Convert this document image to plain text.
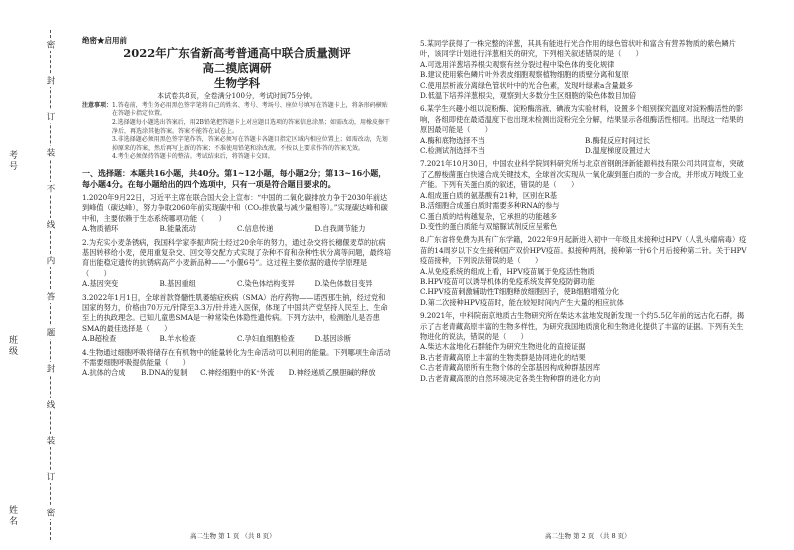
考号
班级
姓名
密
封
订
装
不
线
内
答
题
封
线
装
订
密

绝密★启用前

2022年广东省新高考普通高中联合质量测评

高二摸底调研

生物学科

本试卷共8页，全卷满分100分，考试时间75分钟。

注意事项：1.答卷前，考生务必用黑色签字笔将自己的姓名、考号、考场号、座位号填写在答题卡上，将条形码横贴在答题卡指定位置。

2.选择题每小题选出答案后，用2B铅笔把答题卡上对应题目选项的答案信息涂黑；如需改动，用橡皮擦干净后，再选涂其他答案。答案不能答在试卷上。

3.非选择题必须用黑色签字笔作答，答案必须写在答题卡各题目指定区域内相应位置上；如需改动，先划掉原来的答案，然后再写上新的答案；不准使用铅笔和涂改液。不按以上要求作答的答案无效。

4.考生必须保持答题卡的整洁。考试结束后，将答题卡交回。

一、选择题：本题共16小题，共40分。第1~12小题，每小题2分；第13~16小题，每小题4分。在每小题给出的四个选项中，只有一项是符合题目要求的。

1.2020年9月22日，习近平主席在联合国大会上宣布：“中国的二氧化碳排放力争于2030年前达到峰值（碳达峰），努力争取2060年前实现碳中和（CO₂排放量与减少量相等）。”实现碳达峰和碳中和，主要依赖于生态系统哪项功能（　　）

A.物质循环	B.能量流动	C.信息传递	D.自我调节能力

2.为充实小麦条锈病，我国科学家李振声院士经过20余年的努力，通过杂交将长穗偃麦草的抗病基因转移给小麦，使用重复杂交、回交等交配方式实现了杂种不育和杂种性状分离等问题，最终培育出能稳定遗传的抗锈病高产小麦新品种——“小偃6号”。这过程主要依据的遗传学原理是（　　）

A.基因突变	B.基因重组	C.染色体结构变异	D.染色体数目变异

3.2022年1月1日，全球首款脊髓性肌萎缩症疾病（SMA）治疗药物——诺西那生钠，经过党和国家的努力，价格由70万元/针降至3.3万/针并进入医保，体现了中国共产党坚持人民至上、生命至上的执政理念。已知儿童患SMA是一种常染色体隐性遗传病。下列方法中，检测胎儿是否患SMA的最佳选择是（　　）

A.B超检查	B.羊水检查	C.孕妇血细胞检查	D.基因诊断

4.生物通过细胞呼吸将储存在有机物中的能量转化为生命活动可以利用的能量。下列哪项生命活动不需要细胞呼吸提供能量（　　）

A.抗体的合成	B.DNA的复制	C.神经细胞中的K⁺外流	D.神经递质乙酰胆碱的释放

5.某同学获得了一株完整的洋葱，其具有能进行光合作用的绿色管状叶和富含有营养物质的紫色鳞片叶，该同学计划进行洋葱相关的研究，下列相关叙述错误的是（　　）

A.可选用洋葱培养根尖观察有丝分裂过程中染色体的变化规律

B.建议使用紫色鳞片叶外表皮细胞观察植物细胞的质壁分离和复原

C.使用层析液分离绿色管状叶中的光合色素，发现叶绿素a含量最多

D.低温下培养洋葱根尖，观察到大多数分生区细胞的染色体数目加倍

6.某学生兴趣小组以淀粉酶、淀粉酶溶液、碘液为实验材料，设置多个组别探究温度对淀粉酶活性的影响，各组即使在最适温度下也出现未检测出淀粉完全分解，结果显示各组酶活性相同。出现这一结果的原因最可能是（　　）

A.酶和底物选择不当	B.酶促反应时间过长
C.检测试剂选择不当	D.温度梯度设置过大

7.2021年10月30日，中国农业科学院饲料研究所与北京首钢朗泽新能源科技有限公司共同宣布，突破了乙醇梭菌蛋白快速合成关键技术，全球首次实现从一氧化碳到蛋白质的一步合成，并形成万吨级工业产能。下列有关蛋白质的叙述，错误的是（　　）

A.组成蛋白质的氨基酸有21种，区别在R基

B.活细胞合成蛋白质时需要多种RNA的参与

C.蛋白质的结构越复杂，它承担的功能越多

D.变性的蛋白质能与双缩脲试剂反应呈紫色

8.广东省将免费为具有广东学籍，2022年9月起新进入初中一年级且未接种过HPV（人乳头瘤病毒）疫苗的14周岁以下女生接种国产双价HPV疫苗。拟接种两剂，接种第一针6个月后接种第二针。关于HPV疫苗接种，下列说法错误的是（　　）

A.从免疫系统的组成上看，HPV疫苗属于免疫活性物质

B.HPV疫苗可以诱导机体的免疫系统发挥免疫防御功能

C.HPV疫苗刺激辅助性T细胞释放细胞因子，使B细胞增殖分化

D.第二次接种HPV疫苗时，能在较短时间内产生大量的相应抗体

9.2021年，中科院南京地质古生物研究所在柴达木盆地发现新发现一个约5.5亿年前的远古化石群，揭示了古老青藏高原丰富的生物多样性，为研究我国地质演化和生物进化提供了丰富的证据。下列有关生物进化的说法，错误的是（　　）

A.柴达木盆地化石群能作为研究生物进化的直接证据

B.古老青藏高原上丰富的生物类群是协同进化的结果

C.古老青藏高原所有生物个体的全部基因构成种群基因库

D.古老青藏高原的自然环境决定各类生物种群的进化方向

高二生物 第 1 页 （共 8 页）	高二生物 第 2 页 （共 8 页）
